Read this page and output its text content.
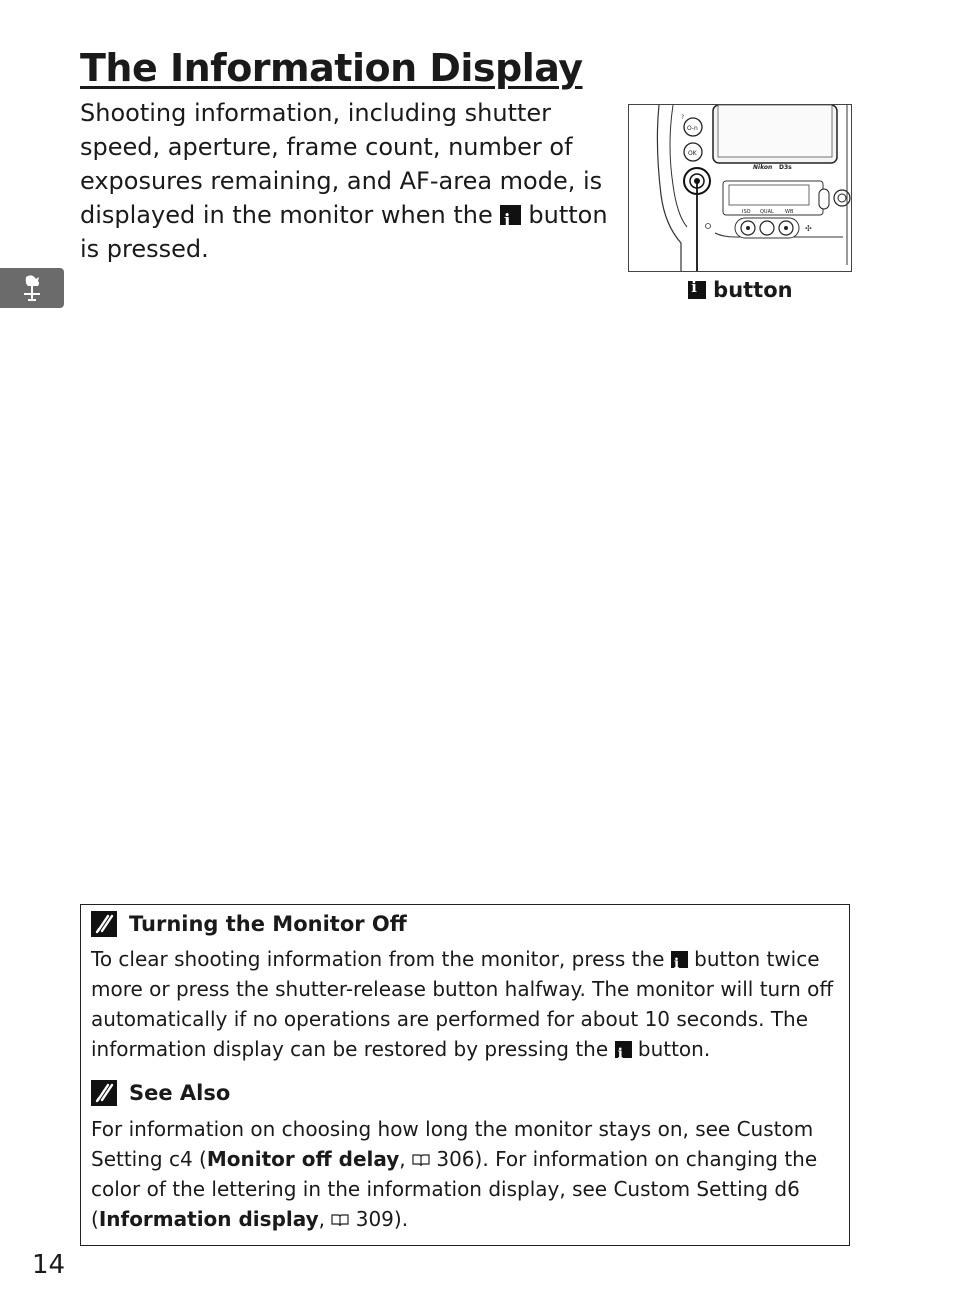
The Information Display

Shooting information, including shutter speed, aperture, frame count, number of exposures remaining, and AF-area mode, is displayed in the monitor when the i button is pressed.

Nikon D3s
O-n
OK
?
ISO QUAL WB
✣
i button
Turning the Monitor Off

To clear shooting information from the monitor, press the i button twice more or press the shutter-release button halfway. The monitor will turn off automatically if no operations are performed for about 10 seconds. The information display can be restored by pressing the i button.

See Also

For information on choosing how long the monitor stays on, see Custom Setting c4 (Monitor off delay,  306). For information on changing the color of the lettering in the information display, see Custom Setting d6 (Information display,  309).

14
